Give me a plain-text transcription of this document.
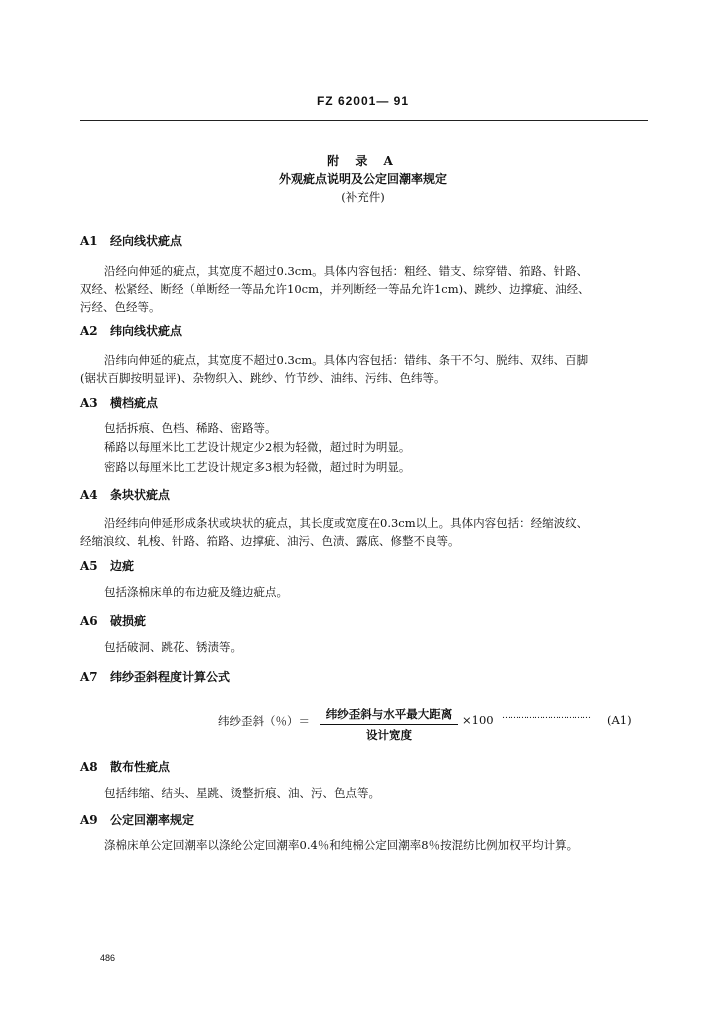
FZ 62001— 91
附 录 A
外观疵点说明及公定回潮率规定
(补充件)
A1 经向线状疵点
沿经向伸延的疵点，其宽度不超过0.3cm。具体内容包括：粗经、错支、综穿错、筘路、针路、
双经、松紧经、断经（单断经一等品允许10cm，并列断经一等品允许1cm)、跳纱、边撑疵、油经、
污经、色经等。
A2 纬向线状疵点
沿纬向伸延的疵点，其宽度不超过0.3cm。具体内容包括：错纬、条干不匀、脱纬、双纬、百脚
(锯状百脚按明显评)、杂物织入、跳纱、竹节纱、油纬、污纬、色纬等。
A3 横档疵点
包括拆痕、色档、稀路、密路等。
稀路以每厘米比工艺设计规定少2根为轻微，超过时为明显。
密路以每厘米比工艺设计规定多3根为轻微，超过时为明显。
A4 条块状疵点
沿经纬向伸延形成条状或块状的疵点，其长度或宽度在0.3cm以上。具体内容包括：经缩波纹、
经缩浪纹、轧梭、针路、筘路、边撑疵、油污、色渍、露底、修整不良等。
A5 边疵
包括涤棉床单的布边疵及缝边疵点。
A6 破损疵
包括破洞、跳花、锈渍等。
A7 纬纱歪斜程度计算公式
纬纱歪斜（％）＝	纬纱歪斜与水平最大距离
设计宽度
×100 …………………………… (A1)
A8 散布性疵点
包括纬缩、结头、星跳、烫整折痕、油、污、色点等。
A9 公定回潮率规定
涤棉床单公定回潮率以涤纶公定回潮率0.4％和纯棉公定回潮率8％按混纺比例加权平均计算。
486
